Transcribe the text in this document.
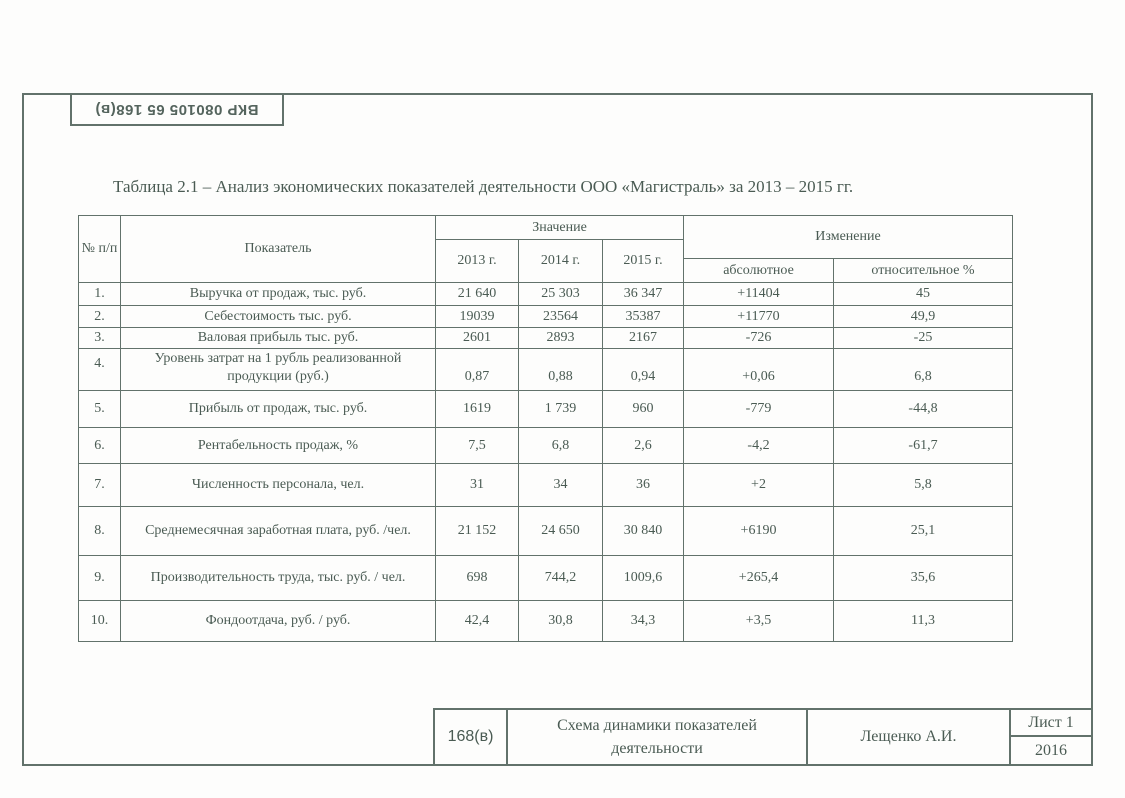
ВКР 080105 65 168(в)
Таблица 2.1 – Анализ экономических показателей деятельности ООО «Магистраль» за 2013 – 2015 гг.
№ п/п	Показатель	Значение			Изменение	
		2013 г.	2014 г.	2015 г.		
					абсолютное	относительное %
1.	Выручка от продаж, тыс. руб.	21 640	25 303	36 347	+11404	45
2.	Себестоимость тыс. руб.	19039	23564	35387	+11770	49,9
3.	Валовая прибыль тыс. руб.	2601	2893	2167	-726	-25
4.	Уровень затрат на 1 рубль реализованной продукции (руб.)	0,87	0,88	0,94	+0,06	6,8
5.	Прибыль от продаж, тыс. руб.	1619	1 739	960	-779	-44,8
6.	Рентабельность продаж, %	7,5	6,8	2,6	-4,2	-61,7
7.	Численность персонала, чел.	31	34	36	+2	5,8
8.	Среднемесячная заработная плата, руб. /чел.	21 152	24 650	30 840	+6190	25,1
9.	Производительность труда, тыс. руб. / чел.	698	744,2	1009,6	+265,4	35,6
10.	Фондоотдача, руб. / руб.	42,4	30,8	34,3	+3,5	11,3
168(в)
Схема динамики показателей деятельности
Лещенко А.И.
Лист 1
2016
